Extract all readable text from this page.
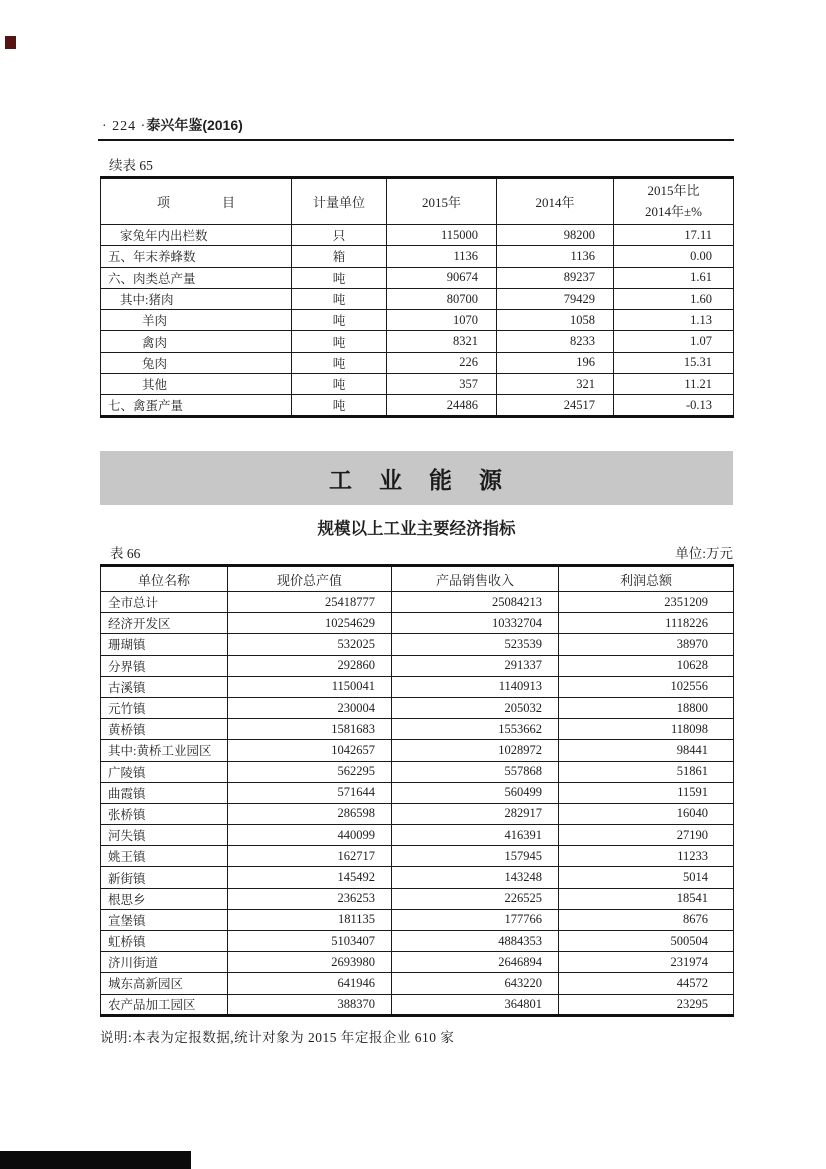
· 224 ·泰兴年鉴(2016)
续表 65
项　　　　目	计量单位	2015年	2014年	2015年比
2014年±%
家兔年内出栏数	只	115000	98200	17.11
五、年末养蜂数	箱	1136	1136	0.00
六、肉类总产量	吨	90674	89237	1.61
其中:猪肉	吨	80700	79429	1.60
羊肉	吨	1070	1058	1.13
禽肉	吨	8321	8233	1.07
兔肉	吨	226	196	15.31
其他	吨	357	321	11.21
七、禽蛋产量	吨	24486	24517	-0.13
工　业　能　源
规模以上工业主要经济指标
表 66	单位:万元
单位名称	现价总产值	产品销售收入	利润总额
全市总计	25418777	25084213	2351209
经济开发区	10254629	10332704	1118226
珊瑚镇	532025	523539	38970
分界镇	292860	291337	10628
古溪镇	1150041	1140913	102556
元竹镇	230004	205032	18800
黄桥镇	1581683	1553662	118098
其中:黄桥工业园区	1042657	1028972	98441
广陵镇	562295	557868	51861
曲霞镇	571644	560499	11591
张桥镇	286598	282917	16040
河失镇	440099	416391	27190
姚王镇	162717	157945	11233
新街镇	145492	143248	5014
根思乡	236253	226525	18541
宣堡镇	181135	177766	8676
虹桥镇	5103407	4884353	500504
济川街道	2693980	2646894	231974
城东高新园区	641946	643220	44572
农产品加工园区	388370	364801	23295
说明:本表为定报数据,统计对象为 2015 年定报企业 610 家
